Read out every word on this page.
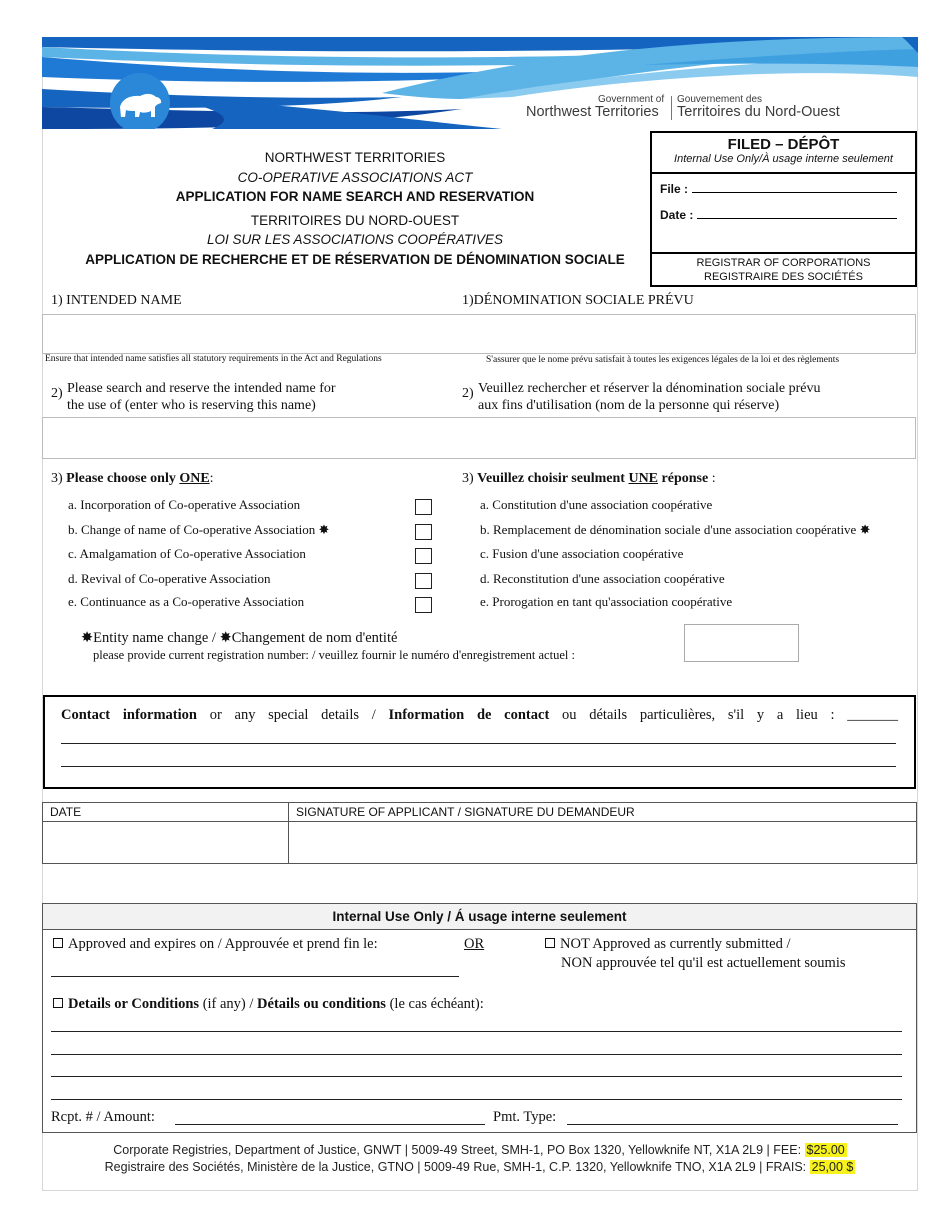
Government of
Northwest Territories
Gouvernement des
Territoires du Nord-Ouest
NORTHWEST TERRITORIES
CO-OPERATIVE ASSOCIATIONS ACT
APPLICATION FOR NAME SEARCH AND RESERVATION
TERRITOIRES DU NORD-OUEST
LOI SUR LES ASSOCIATIONS COOPÉRATIVES
APPLICATION DE RECHERCHE ET DE RÉSERVATION DE DÉNOMINATION SOCIALE
FILED – DÉPÔT
Internal Use Only/À usage interne seulement
File :
Date :
REGISTRAR OF CORPORATIONS
REGISTRAIRE DES SOCIÉTÉS
1) INTENDED NAME	1)DÉNOMINATION SOCIALE PRÉVU
Ensure that intended name satisfies all statutory requirements in the Act and Regulations	S'assurer que le nome prévu satisfait à toutes les exigences légales de la loi et des règlements
2) Please search and reserve the intended name for
the use of (enter who is reserving this name)
2) Veuillez rechercher et réserver la dénomination sociale prévu
aux fins d'utilisation (nom de la personne qui réserve)
3) Please choose only ONE:	3) Veuillez choisir seulment UNE réponse :
a. Incorporation of Co-operative Association
b. Change of name of Co-operative Association ✸
c. Amalgamation of Co-operative Association
d. Revival of Co-operative Association
e. Continuance as a Co-operative Association
a. Constitution d'une association coopérative
b. Remplacement de dénomination sociale d'une association coopérative ✸
c. Fusion d'une association coopérative
d. Reconstitution d'une association coopérative
e. Prorogation en tant qu'association coopérative
✸Entity name change / ✸Changement de nom d'entité
please provide current registration number: / veuillez fournir le numéro d'enregistrement actuel :
Contact information or any special details / Information de contact ou détails particulières, s'il y a lieu : _______
DATE	SIGNATURE OF APPLICANT / SIGNATURE DU DEMANDEUR
Internal Use Only / Á usage interne seulement
Approved and expires on / Approuvée et prend fin le:	OR	NOT Approved as currently submitted /
NON approuvée tel qu'il est actuellement soumis
Details or Conditions (if any) / Détails ou conditions (le cas échéant):
Rcpt. # / Amount:	Pmt. Type:
Corporate Registries, Department of Justice, GNWT | 5009-49 Street, SMH-1, PO Box 1320, Yellowknife NT, X1A 2L9 | FEE: $25.00
Registraire des Sociétés, Ministère de la Justice, GTNO | 5009-49 Rue, SMH-1, C.P. 1320, Yellowknife TNO, X1A 2L9 | FRAIS: 25,00 $
